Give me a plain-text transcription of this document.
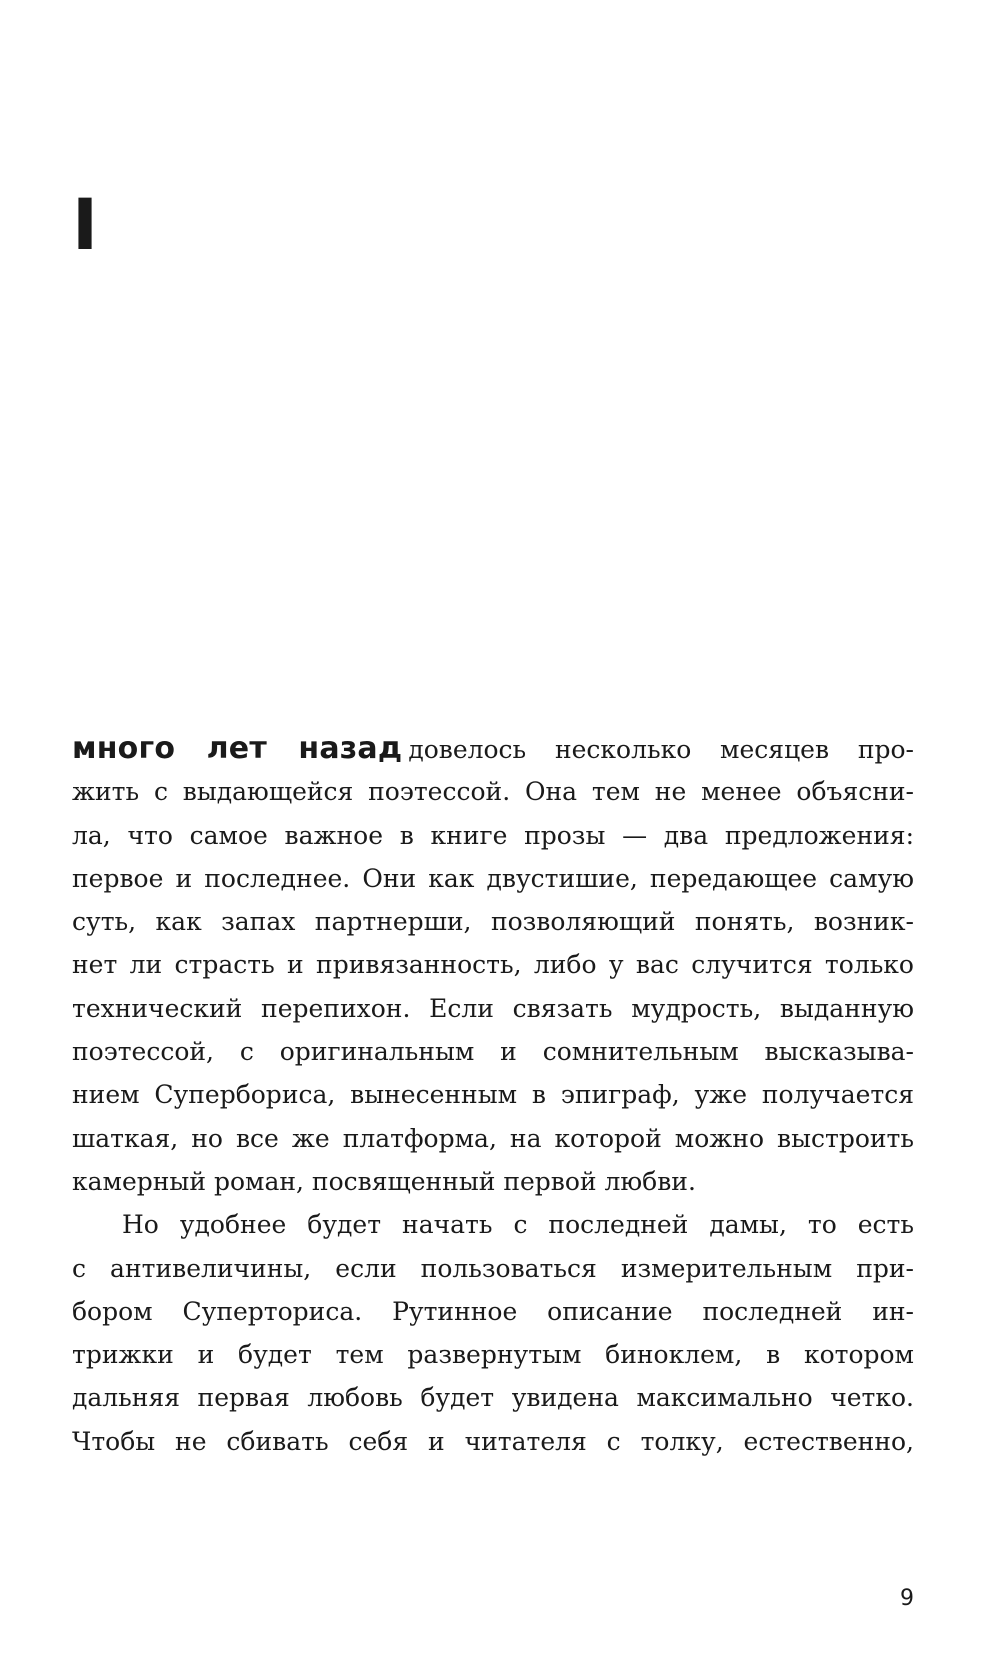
I
много лет назад довелось несколько месяцев про-
жить с выдающейся поэтессой. Она тем не менее объясни-
ла, что самое важное в книге прозы — два предложения:
первое и последнее. Они как двустишие, передающее самую
суть, как запах партнерши, позволяющий понять, возник-
нет ли страсть и привязанность, либо у вас случится только
технический перепихон. Если связать мудрость, выданную
поэтессой, с оригинальным и сомнительным высказыва-
нием Супербориса, вынесенным в эпиграф, уже получается
шаткая, но все же платформа, на которой можно выстроить
камерный роман, посвященный первой любви.
Но удобнее будет начать с последней дамы, то есть
с антивеличины, если пользоваться измерительным при-
бором Суперториса. Рутинное описание последней ин-
трижки и будет тем развернутым биноклем, в котором
дальняя первая любовь будет увидена максимально четко.
Чтобы не сбивать себя и читателя с толку, естественно,
9
